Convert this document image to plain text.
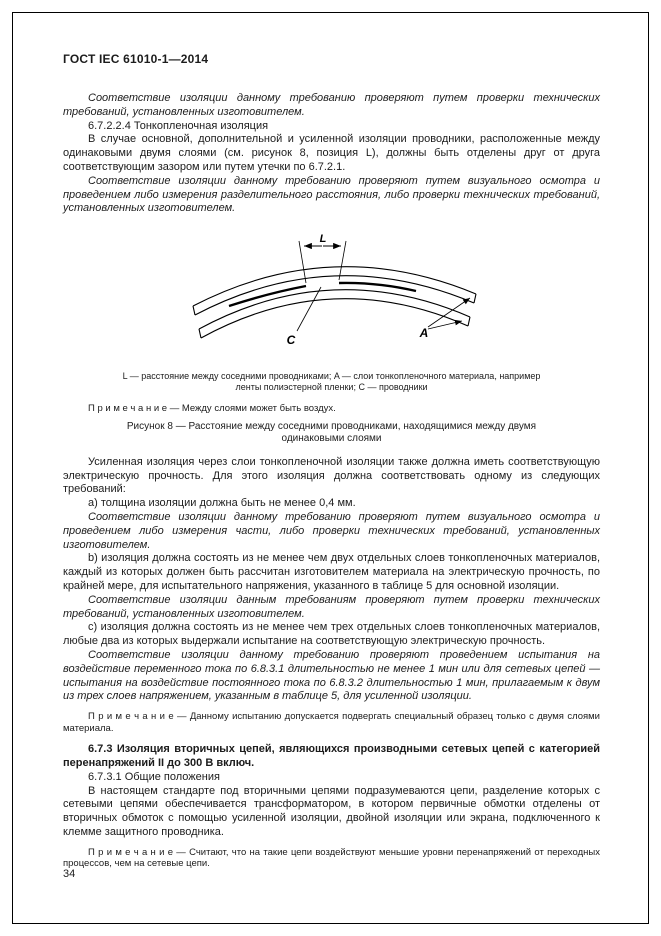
ГОСТ IEC 61010-1—2014

Соответствие изоляции данному требованию проверяют путем проверки технических требований, установленных изготовителем.

6.7.2.2.4 Тонкопленочная изоляция

В случае основной, дополнительной и усиленной изоляции проводники, расположенные между одинаковыми двумя слоями (см. рисунок 8, позиция L), должны быть отделены друг от друга соответствующим зазором или путем утечки по 6.7.2.1.

Соответствие изоляции данному требованию проверяют путем визуального осмотра и проведением либо измерения разделительного расстояния, либо проверки технических требований, установленных изготовителем.

L
C	A
L — расстояние между соседними проводниками; A — слои тонкопленочного материала, например ленты полиэстерной пленки; C — проводники
П р и м е ч а н и е — Между слоями может быть воздух.
Рисунок 8 — Расстояние между соседними проводниками, находящимися между двумя одинаковыми слоями

Усиленная изоляция через слои тонкопленочной изоляции также должна иметь соответствующую электрическую прочность. Для этого изоляция должна соответствовать одному из следующих требований:

a) толщина изоляции должна быть не менее 0,4 мм.

Соответствие изоляции данному требованию проверяют путем визуального осмотра и проведением либо измерения части, либо проверки технических требований, установленных изготовителем.

b) изоляция должна состоять из не менее чем двух отдельных слоев тонкопленочных материалов, каждый из которых должен быть рассчитан изготовителем материала на электрическую прочность, по крайней мере, для испытательного напряжения, указанного в таблице 5 для основной изоляции.

Соответствие изоляции данным требованиям проверяют путем проверки технических требований, установленных изготовителем.

c) изоляция должна состоять из не менее чем трех отдельных слоев тонкопленочных материалов, любые два из которых выдержали испытание на соответствующую электрическую прочность.

Соответствие изоляции данному требованию проверяют проведением испытания на воздействие переменного тока по 6.8.3.1 длительностью не менее 1 мин или для сетевых цепей — испытания на воздействие постоянного тока по 6.8.3.2 длительностью 1 мин, прилагаемым к двум из трех слоев напряжением, указанным в таблице 5, для усиленной изоляции.

П р и м е ч а н и е — Данному испытанию допускается подвергать специальный образец только с двумя слоями материала.

6.7.3 Изоляция вторичных цепей, являющихся производными сетевых цепей с категорией перенапряжений II до 300 В включ.

6.7.3.1 Общие положения

В настоящем стандарте под вторичными цепями подразумеваются цепи, разделение которых с сетевыми цепями обеспечивается трансформатором, в котором первичные обмотки отделены от вторичных обмоток с помощью усиленной изоляции, двойной изоляции или экрана, подключенного к клемме защитного проводника.

П р и м е ч а н и е — Считают, что на такие цепи воздействуют меньшие уровни перенапряжений от переходных процессов, чем на сетевые цепи.

34
